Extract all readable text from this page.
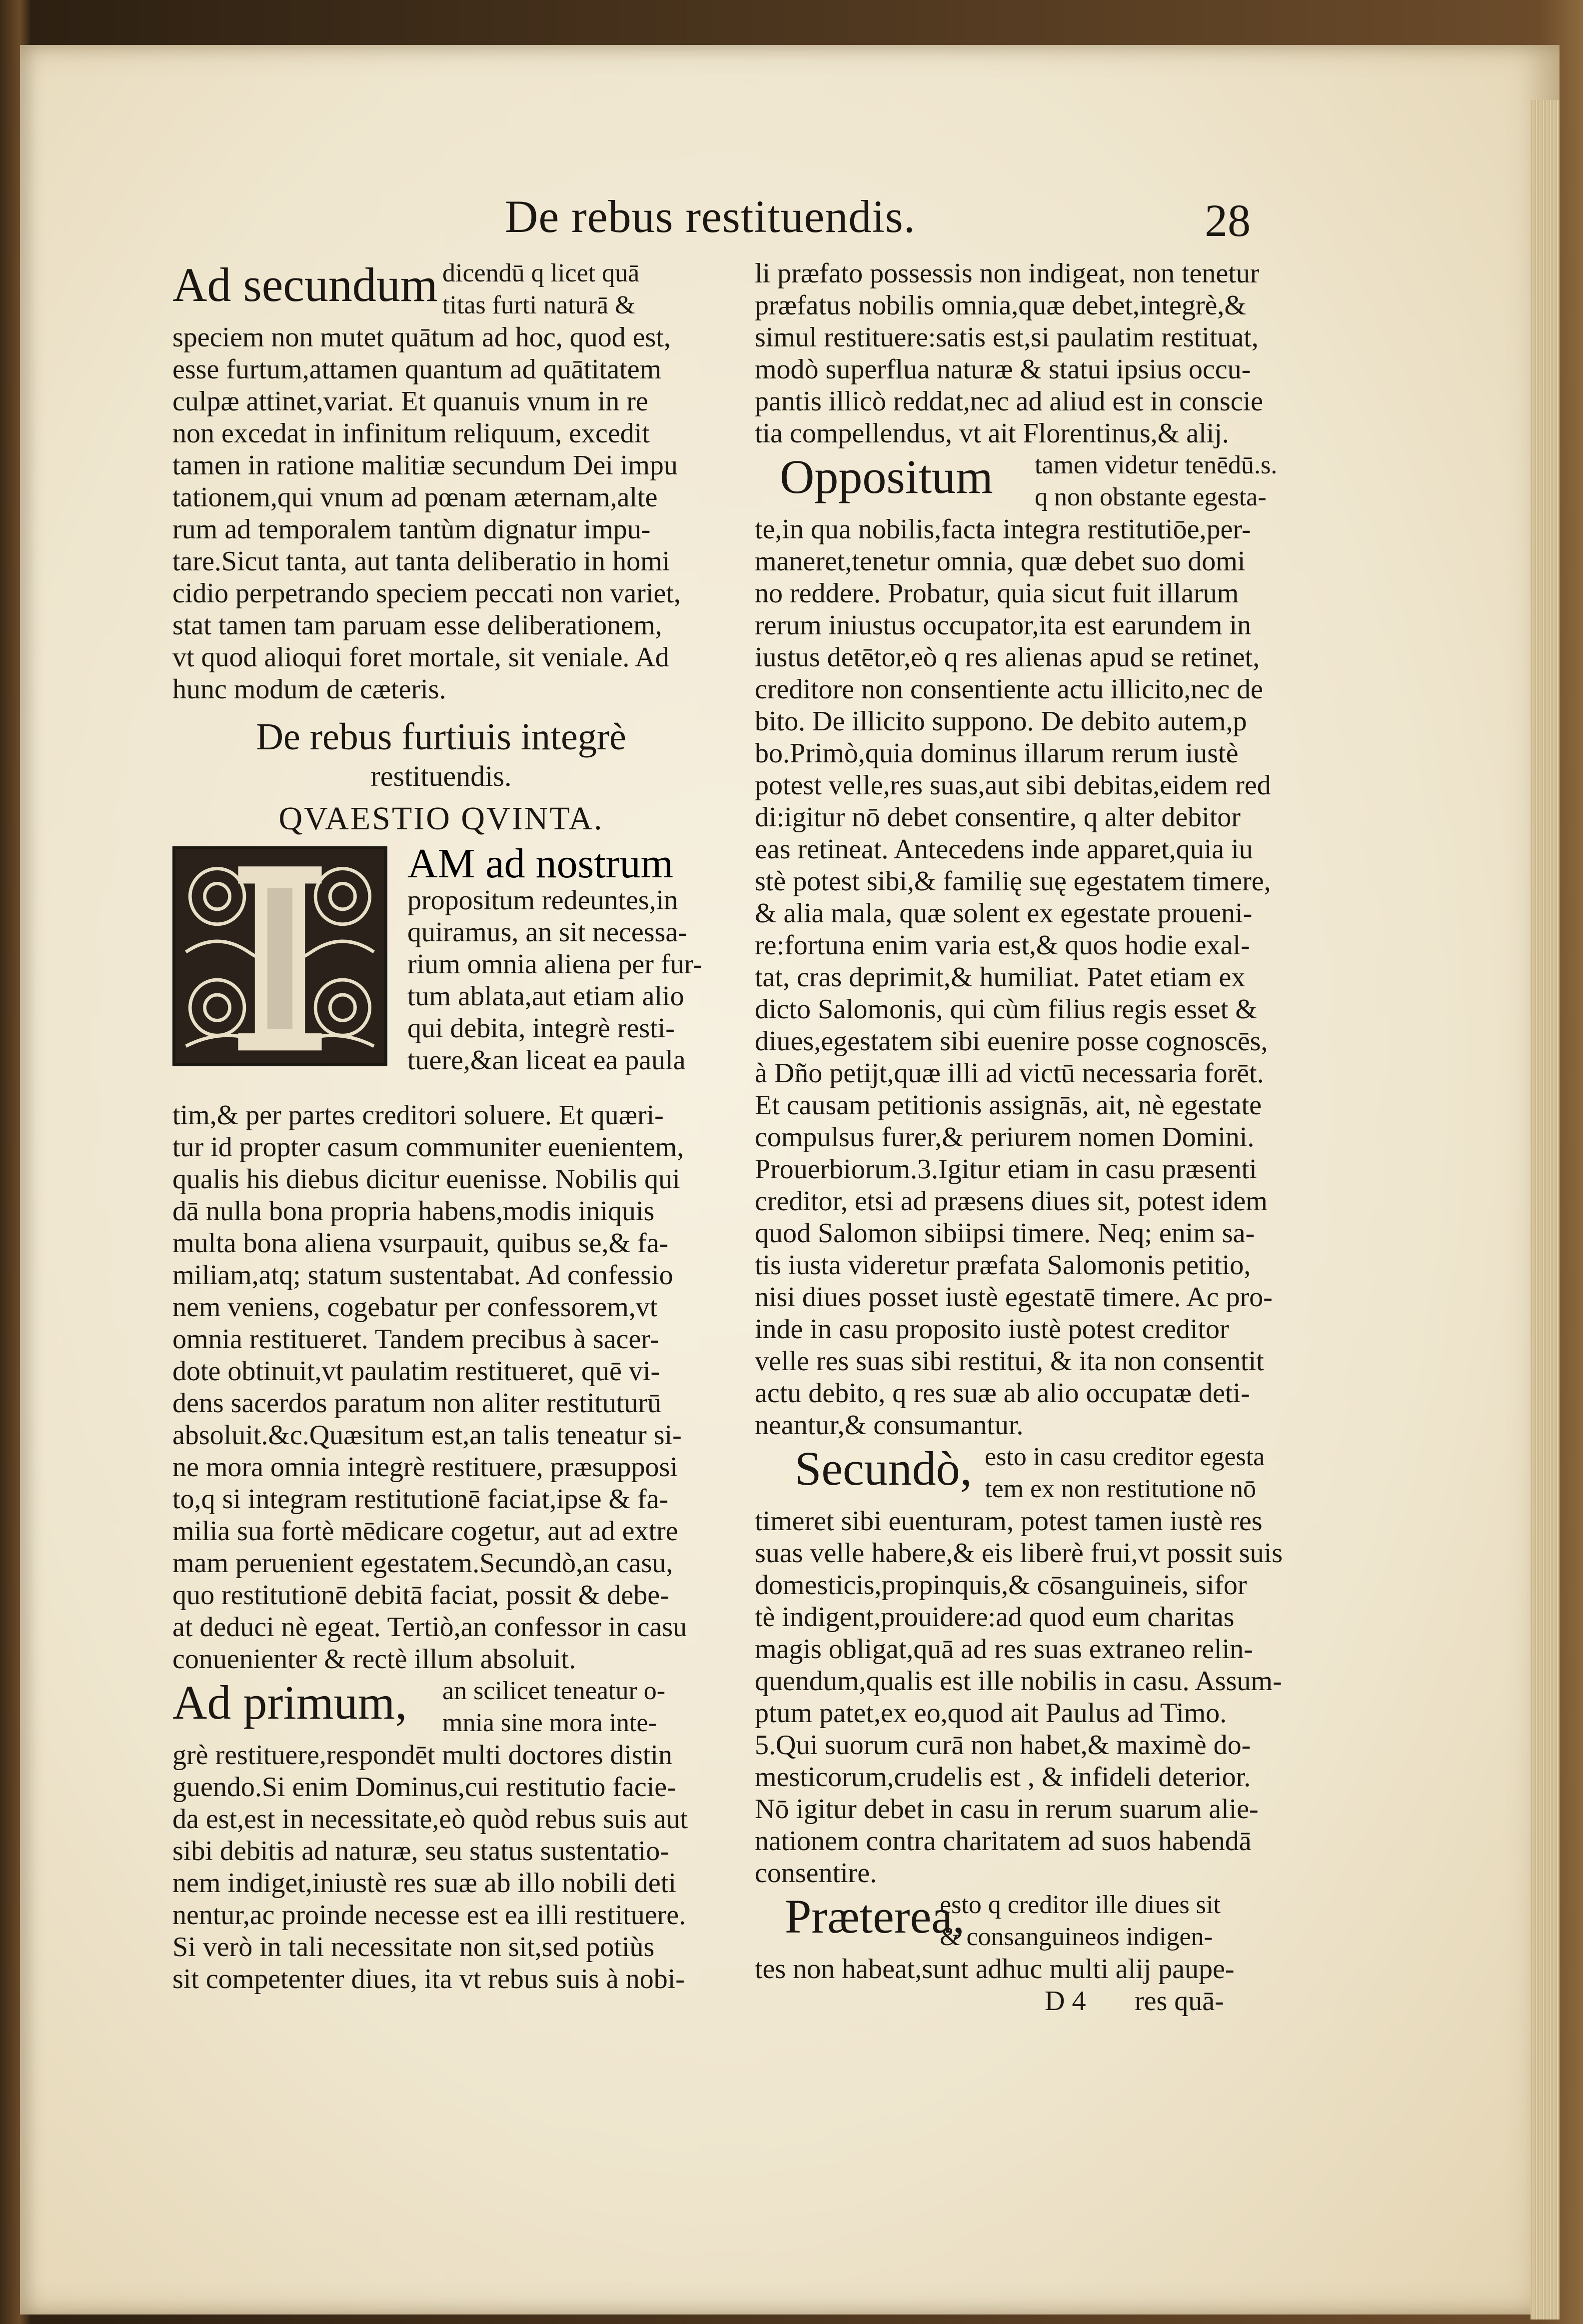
De rebus restituendis.	28
Ad secundum dicendū q licet quā
titas furti naturā &
speciem non mutet quātum ad hoc, quod est,
esse furtum,attamen quantum ad quātitatem
culpæ attinet,variat. Et quanuis vnum in re
non excedat in infinitum reliquum, excedit
tamen in ratione malitiæ secundum Dei impu
tationem,qui vnum ad pœnam æternam,alte
rum ad temporalem tantùm dignatur impu-
tare.Sicut tanta, aut tanta deliberatio in homi
cidio perpetrando speciem peccati non variet,
stat tamen tam paruam esse deliberationem,
vt quod alioqui foret mortale, sit veniale. Ad
hunc modum de cæteris.
De rebus furtiuis integrè
restituendis.
QVAESTIO QVINTA.
AM ad nostrum
propositum redeuntes,in
quiramus, an sit necessa-
rium omnia aliena per fur-
tum ablata,aut etiam alio
qui debita, integrè resti-
tuere,&an liceat ea paula
tim,& per partes creditori soluere. Et quæri-
tur id propter casum communiter euenientem,
qualis his diebus dicitur euenisse. Nobilis qui
dā nulla bona propria habens,modis iniquis
multa bona aliena vsurpauit, quibus se,& fa-
miliam,atq; statum sustentabat. Ad confessio
nem veniens, cogebatur per confessorem,vt
omnia restitueret. Tandem precibus à sacer-
dote obtinuit,vt paulatim restitueret, quē vi-
dens sacerdos paratum non aliter restituturū
absoluit.&c.Quæsitum est,an talis teneatur si-
ne mora omnia integrè restituere, præsupposi
to,q si integram restitutionē faciat,ipse & fa-
milia sua fortè mēdicare cogetur, aut ad extre
mam peruenient egestatem.Secundò,an casu,
quo restitutionē debitā faciat, possit & debe-
at deduci nè egeat. Tertiò,an confessor in casu
conuenienter & rectè illum absoluit.
Ad primum, an scilicet teneatur o-
mnia sine mora inte-
grè restituere,respondēt multi doctores distin
guendo.Si enim Dominus,cui restitutio facie-
da est,est in necessitate,eò quòd rebus suis aut
sibi debitis ad naturæ, seu status sustentatio-
nem indiget,iniustè res suæ ab illo nobili deti
nentur,ac proinde necesse est ea illi restituere.
Si verò in tali necessitate non sit,sed potiùs
sit competenter diues, ita vt rebus suis à nobi-
li præfato possessis non indigeat, non tenetur
præfatus nobilis omnia,quæ debet,integrè,&
simul restituere:satis est,si paulatim restituat,
modò superflua naturæ & statui ipsius occu-
pantis illicò reddat,nec ad aliud est in conscie
tia compellendus, vt ait Florentinus,& alij.
Oppositum tamen videtur tenēdū.s.
q non obstante egesta-
te,in qua nobilis,facta integra restitutiōe,per-
maneret,tenetur omnia, quæ debet suo domi
no reddere. Probatur, quia sicut fuit illarum
rerum iniustus occupator,ita est earundem in
iustus detētor,eò q res alienas apud se retinet,
creditore non consentiente actu illicito,nec de
bito. De illicito suppono. De debito autem,p
bo.Primò,quia dominus illarum rerum iustè
potest velle,res suas,aut sibi debitas,eidem red
di:igitur nō debet consentire, q alter debitor
eas retineat. Antecedens inde apparet,quia iu
stè potest sibi,& familię suę egestatem timere,
& alia mala, quæ solent ex egestate proueni-
re:fortuna enim varia est,& quos hodie exal-
tat, cras deprimit,& humiliat. Patet etiam ex
dicto Salomonis, qui cùm filius regis esset &
diues,egestatem sibi euenire posse cognoscēs,
à Dño petijt,quæ illi ad victū necessaria forēt.
Et causam petitionis assignās, ait, nè egestate
compulsus furer,& periurem nomen Domini.
Prouerbiorum.3.Igitur etiam in casu præsenti
creditor, etsi ad præsens diues sit, potest idem
quod Salomon sibiipsi timere. Neq; enim sa-
tis iusta videretur præfata Salomonis petitio,
nisi diues posset iustè egestatē timere. Ac pro-
inde in casu proposito iustè potest creditor
velle res suas sibi restitui, & ita non consentit
actu debito, q res suæ ab alio occupatæ deti-
neantur,& consumantur.
Secundò, esto in casu creditor egesta
tem ex non restitutione nō
timeret sibi euenturam, potest tamen iustè res
suas velle habere,& eis liberè frui,vt possit suis
domesticis,propinquis,& cōsanguineis, sifor
tè indigent,prouidere:ad quod eum charitas
magis obligat,quā ad res suas extraneo relin-
quendum,qualis est ille nobilis in casu. Assum-
ptum patet,ex eo,quod ait Paulus ad Timo.
5.Qui suorum curā non habet,& maximè do-
mesticorum,crudelis est , & infideli deterior.
Nō igitur debet in casu in rerum suarum alie-
nationem contra charitatem ad suos habendā
consentire.
Præterea,
esto q creditor ille diues sit
& consanguineos indigen-
tes non habeat,sunt adhuc multi alij paupe-
D 4 res quā-
